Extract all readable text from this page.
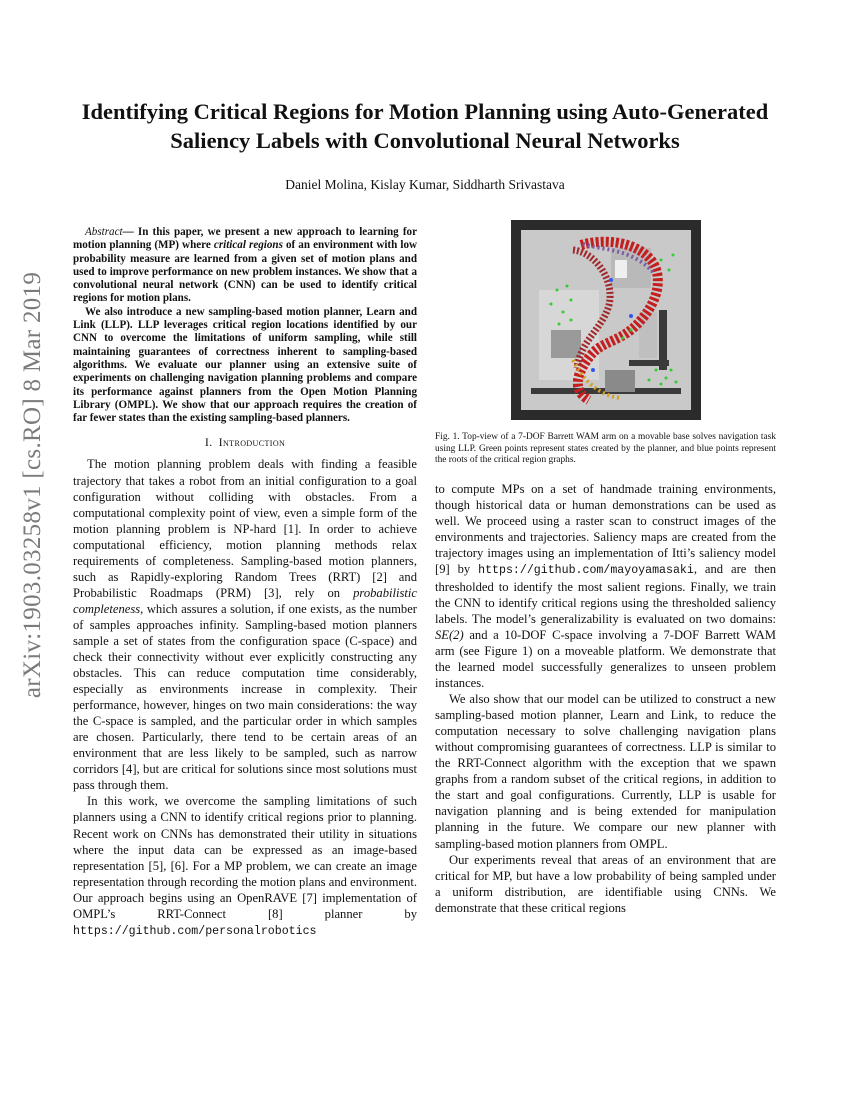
arXiv:1903.03258v1 [cs.RO] 8 Mar 2019
Identifying Critical Regions for Motion Planning using Auto-Generated
Saliency Labels with Convolutional Neural Networks
Daniel Molina, Kislay Kumar, Siddharth Srivastava

Abstract— In this paper, we present a new approach to learning for motion planning (MP) where critical regions of an environment with low probability measure are learned from a given set of motion plans and used to improve performance on new problem instances. We show that a convolutional neural network (CNN) can be used to identify critical regions for motion plans.

We also introduce a new sampling-based motion planner, Learn and Link (LLP). LLP leverages critical region locations identified by our CNN to overcome the limitations of uniform sampling, while still maintaining guarantees of correctness inherent to sampling-based algorithms. We evaluate our planner using an extensive suite of experiments on challenging navigation planning problems and compare its performance against planners from the Open Motion Planning Library (OMPL). We show that our approach requires the creation of far fewer states than the existing sampling-based planners.

I. Introduction

The motion planning problem deals with finding a feasible trajectory that takes a robot from an initial configuration to a goal configuration without colliding with obstacles. From a computational complexity point of view, even a simple form of the motion planning problem is NP-hard [1]. In order to achieve computational efficiency, motion planning methods relax requirements of completeness. Sampling-based motion planners, such as Rapidly-exploring Random Trees (RRT) [2] and Probabilistic Roadmaps (PRM) [3], rely on probabilistic completeness, which assures a solution, if one exists, as the number of samples approaches infinity. Sampling-based motion planners sample a set of states from the configuration space (C-space) and check their connectivity without ever explicitly constructing any obstacles. This can reduce computation time considerably, especially as environments increase in complexity. Their performance, however, hinges on two main considerations: the way the C-space is sampled, and the particular order in which samples are chosen. Particularly, there tend to be certain areas of an environment that are less likely to be sampled, such as narrow corridors [4], but are critical for solutions since most solutions must pass through them.

In this work, we overcome the sampling limitations of such planners using a CNN to identify critical regions prior to planning. Recent work on CNNs has demonstrated their utility in situations where the input data can be expressed as an image-based representation [5], [6]. For a MP problem, we can create an image representation through recording the motion plans and environment. Our approach begins using an OpenRAVE [7] implementation of OMPL’s RRT-Connect [8] planner by https://github.com/personalrobotics

Fig. 1. Top-view of a 7-DOF Barrett WAM arm on a movable base solves navigation task using LLP. Green points represent states created by the planner, and blue points represent the roots of the critical region graphs.

to compute MPs on a set of handmade training environments, though historical data or human demonstrations can be used as well. We proceed using a raster scan to construct images of the environments and trajectories. Saliency maps are created from the trajectory images using an implementation of Itti’s saliency model [9] by https://github.com/mayoyamasaki, and are then thresholded to identify the most salient regions. Finally, we train the CNN to identify critical regions using the thresholded saliency labels. The model’s generalizability is evaluated on two domains: SE(2) and a 10-DOF C-space involving a 7-DOF Barrett WAM arm (see Figure 1) on a moveable platform. We demonstrate that the learned model successfully generalizes to unseen problem instances.

We also show that our model can be utilized to construct a new sampling-based motion planner, Learn and Link, to reduce the computation necessary to solve challenging navigation plans without compromising guarantees of correctness. LLP is similar to the RRT-Connect algorithm with the exception that we spawn graphs from a random subset of the critical regions, in addition to the start and goal configurations. Currently, LLP is usable for navigation planning and is being extended for manipulation planning in the future. We compare our new planner with sampling-based motion planners from OMPL.

Our experiments reveal that areas of an environment that are critical for MP, but have a low probability of being sampled under a uniform distribution, are identifiable using CNNs. We demonstrate that these critical regions
